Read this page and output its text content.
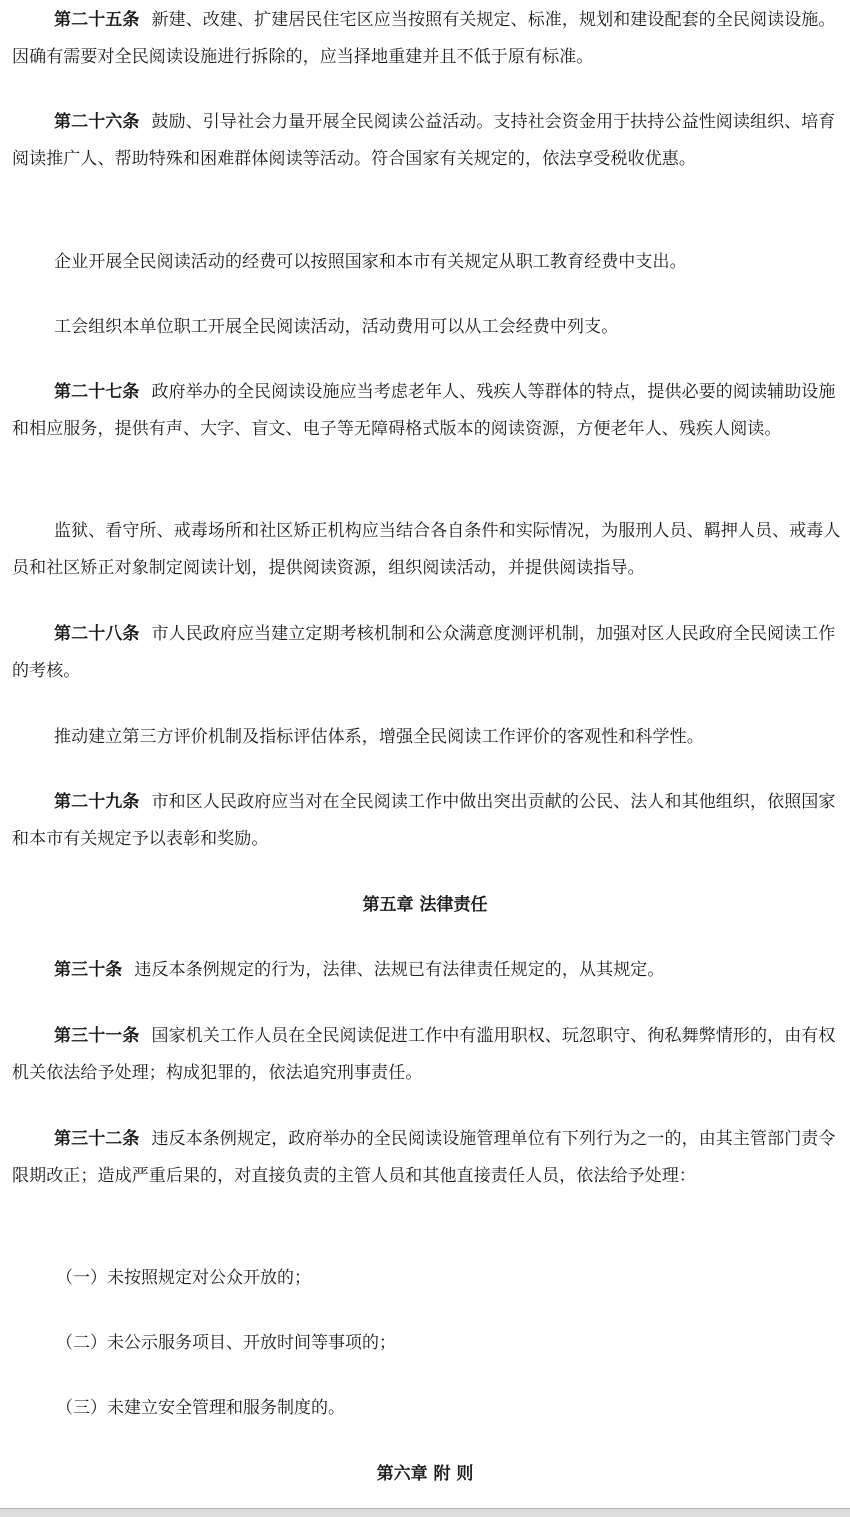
第二十五条 新建、改建、扩建居民住宅区应当按照有关规定、标准，规划和建设配套的全民阅读设施。因确有需要对全民阅读设施进行拆除的，应当择地重建并且不低于原有标准。

第二十六条 鼓励、引导社会力量开展全民阅读公益活动。支持社会资金用于扶持公益性阅读组织、培育阅读推广人、帮助特殊和困难群体阅读等活动。符合国家有关规定的，依法享受税收优惠。

企业开展全民阅读活动的经费可以按照国家和本市有关规定从职工教育经费中支出。

工会组织本单位职工开展全民阅读活动，活动费用可以从工会经费中列支。

第二十七条 政府举办的全民阅读设施应当考虑老年人、残疾人等群体的特点，提供必要的阅读辅助设施和相应服务，提供有声、大字、盲文、电子等无障碍格式版本的阅读资源，方便老年人、残疾人阅读。

监狱、看守所、戒毒场所和社区矫正机构应当结合各自条件和实际情况，为服刑人员、羁押人员、戒毒人员和社区矫正对象制定阅读计划，提供阅读资源，组织阅读活动，并提供阅读指导。

第二十八条 市人民政府应当建立定期考核机制和公众满意度测评机制，加强对区人民政府全民阅读工作的考核。

推动建立第三方评价机制及指标评估体系，增强全民阅读工作评价的客观性和科学性。

第二十九条 市和区人民政府应当对在全民阅读工作中做出突出贡献的公民、法人和其他组织，依照国家和本市有关规定予以表彰和奖励。

第五章 法律责任

第三十条 违反本条例规定的行为，法律、法规已有法律责任规定的，从其规定。

第三十一条 国家机关工作人员在全民阅读促进工作中有滥用职权、玩忽职守、徇私舞弊情形的，由有权机关依法给予处理；构成犯罪的，依法追究刑事责任。

第三十二条 违反本条例规定，政府举办的全民阅读设施管理单位有下列行为之一的，由其主管部门责令限期改正；造成严重后果的，对直接负责的主管人员和其他直接责任人员，依法给予处理：

（一）未按照规定对公众开放的；

（二）未公示服务项目、开放时间等事项的；

（三）未建立安全管理和服务制度的。

第六章 附 则
